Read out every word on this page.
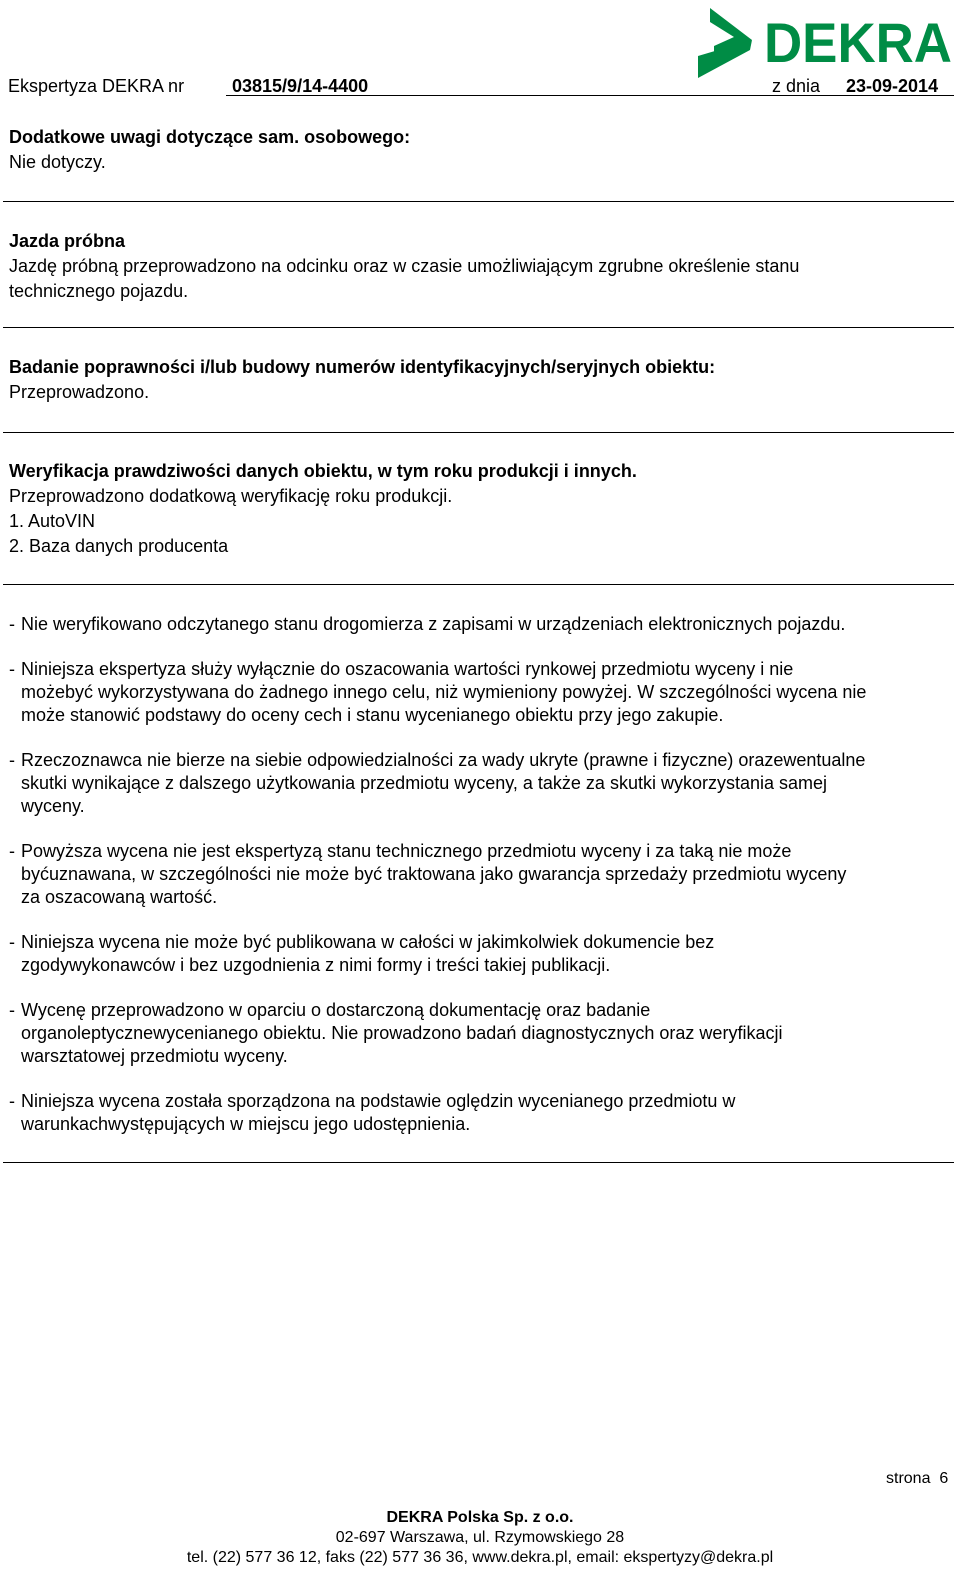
DEKRA
Ekspertyza DEKRA nr	03815/9/14-4400	z dnia 23-09-2014
Dodatkowe uwagi dotyczące sam. osobowego:
Nie dotyczy.
Jazda próbna
Jazdę próbną przeprowadzono na odcinku oraz w czasie umożliwiającym zgrubne określenie stanu
technicznego pojazdu.
Badanie poprawności i/lub budowy numerów identyfikacyjnych/seryjnych obiektu:
Przeprowadzono.
Weryfikacja prawdziwości danych obiektu, w tym roku produkcji i innych.
Przeprowadzono dodatkową weryfikację roku produkcji.
1. AutoVIN
2. Baza danych producenta
- Nie weryfikowano odczytanego stanu drogomierza z zapisami w urządzeniach elektronicznych pojazdu.
- Niniejsza ekspertyza służy wyłącznie do oszacowania wartości rynkowej przedmiotu wyceny i nie
możebyć wykorzystywana do żadnego innego celu, niż wymieniony powyżej. W szczególności wycena nie
może stanowić podstawy do oceny cech i stanu wycenianego obiektu przy jego zakupie.
- Rzeczoznawca nie bierze na siebie odpowiedzialności za wady ukryte (prawne i fizyczne) orazewentualne
skutki wynikające z dalszego użytkowania przedmiotu wyceny, a także za skutki wykorzystania samej
wyceny.
- Powyższa wycena nie jest ekspertyzą stanu technicznego przedmiotu wyceny i za taką nie może
byćuznawana, w szczególności nie może być traktowana jako gwarancja sprzedaży przedmiotu wyceny
za oszacowaną wartość.
- Niniejsza wycena nie może być publikowana w całości w jakimkolwiek dokumencie bez
zgodywykonawców i bez uzgodnienia z nimi formy i treści takiej publikacji.
- Wycenę przeprowadzono w oparciu o dostarczoną dokumentację oraz badanie
organoleptycznewycenianego obiektu. Nie prowadzono badań diagnostycznych oraz weryfikacji
warsztatowej przedmiotu wyceny.
- Niniejsza wycena została sporządzona na podstawie oględzin wycenianego przedmiotu w
warunkachwystępujących w miejscu jego udostępnienia.
strona 6
DEKRA Polska Sp. z o.o.
02-697 Warszawa, ul. Rzymowskiego 28
tel. (22) 577 36 12, faks (22) 577 36 36, www.dekra.pl, email: ekspertyzy@dekra.pl
